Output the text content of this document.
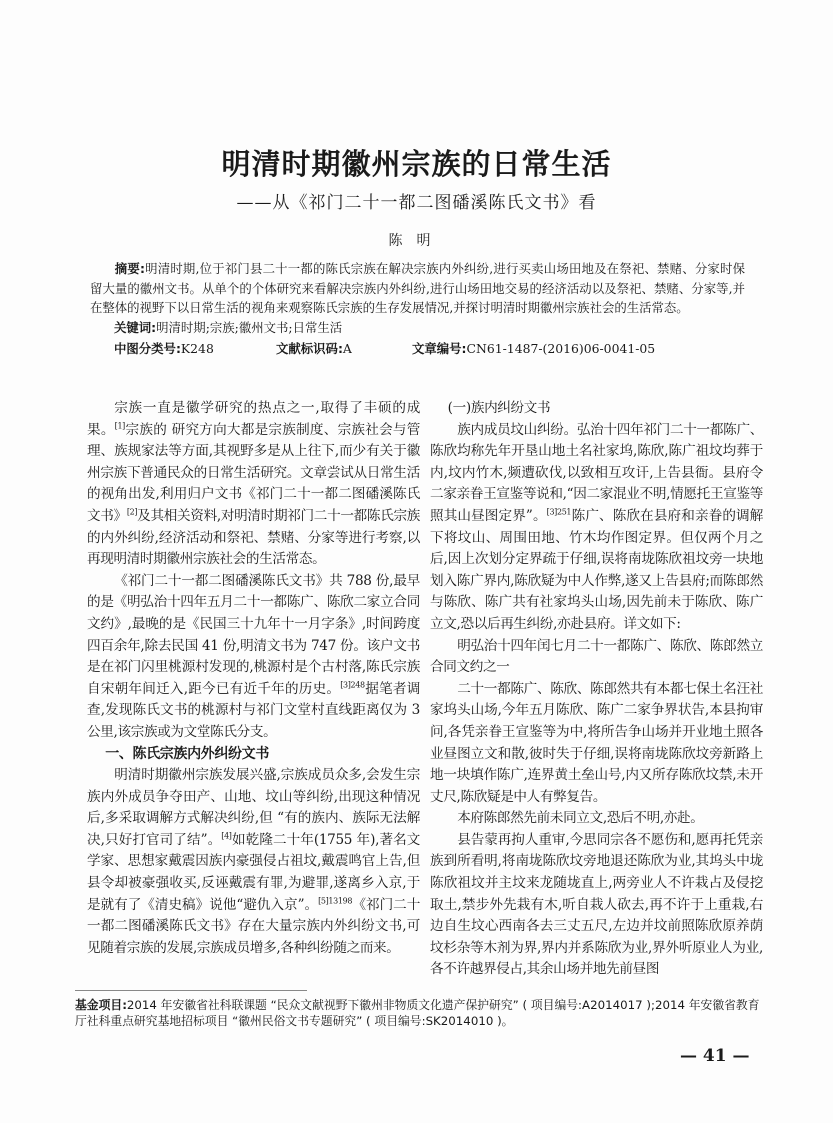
明清时期徽州宗族的日常生活
——从《祁门二十一都二图磻溪陈氏文书》看
陈明

摘要:明清时期,位于祁门县二十一都的陈氏宗族在解决宗族内外纠纷,进行买卖山场田地及在祭祀、禁赌、分家时保留大量的徽州文书。从单个的个体研究来看解决宗族内外纠纷,进行山场田地交易的经济活动以及祭祀、禁赌、分家等,并在整体的视野下以日常生活的视角来观察陈氏宗族的生存发展情况,并探讨明清时期徽州宗族社会的生活常态。

关键词:明清时期;宗族;徽州文书;日常生活
中图分类号:K248	文献标识码:A	文章编号:CN61-1487-(2016)06-0041-05

宗族一直是徽学研究的热点之一,取得了丰硕的成果。[1]宗族的 研究方向大都是宗族制度、宗族社会与管理、族规家法等方面,其视野多是从上往下,而少有关于徽州宗族下普通民众的日常生活研究。文章尝试从日常生活的视角出发,利用归户文书《祁门二十一都二图磻溪陈氏文书》[2]及其相关资料,对明清时期祁门二十一都陈氏宗族的内外纠纷,经济活动和祭祀、禁赌、分家等进行考察,以再现明清时期徽州宗族社会的生活常态。

《祁门二十一都二图磻溪陈氏文书》共 788 份,最早的是《明弘治十四年五月二十一都陈广、陈欣二家立合同文约》,最晚的是《民国三十九年十一月字条》,时间跨度四百余年,除去民国 41 份,明清文书为 747 份。该户文书是在祁门闪里桃源村发现的,桃源村是个古村落,陈氏宗族自宋朝年间迁入,距今已有近千年的历史。$^{[3]248}$据笔者调查,发现陈氏文书的桃源村与祁门文堂村直线距离仅为 3 公里,该宗族或为文堂陈氏分支。

一、陈氏宗族内外纠纷文书

明清时期徽州宗族发展兴盛,宗族成员众多,会发生宗族内外成员争夺田产、山地、坟山等纠纷,出现这种情况后,多采取调解方式解决纠纷,但 “有的族内、族际无法解决,只好打官司了结”。[4]如乾隆二十年(1755 年),著名文学家、思想家戴震因族内豪强侵占祖坟,戴震鸣官上告,但县令却被豪强收买,反诬戴震有罪,为避罪,遂离乡入京,于是就有了《清史稿》说他“避仇入京”。$^{[5]13198}$《祁门二十一都二图磻溪陈氏文书》存在大量宗族内外纠纷文书,可见随着宗族的发展,宗族成员增多,各种纠纷随之而来。

(一)族内纠纷文书

族内成员坟山纠纷。弘治十四年祁门二十一都陈广、陈欣均称先年开垦山地土名社家坞,陈欣,陈广祖坟均葬于内,坟内竹木,频遭砍伐,以致相互攻讦,上告县衙。县府令二家亲眷王宣鉴等说和,“因二家混业不明,情愿托王宣鉴等照其山昼图定界”。$^{[3]251}$陈广、陈欣在县府和亲眷的调解下将坟山、周围田地、竹木均作图定界。但仅两个月之后,因上次划分定界疏于仔细,误将南垅陈欣祖坟旁一块地划入陈广界内,陈欣疑为中人作弊,遂又上告县府;而陈郎然与陈欣、陈广共有社家坞头山场,因先前未于陈欣、陈广立文,恐以后再生纠纷,亦赴县府。详文如下:

明弘治十四年闰七月二十一都陈广、陈欣、陈郎然立合同文约之一

二十一都陈广、陈欣、陈郎然共有本都七保土名汪社家坞头山场,今年五月陈欣、陈广二家争界状告,本县拘审问,各凭亲眷王宣鉴等为中,将所告争山场并开业地土照各业昼图立文和散,彼时失于仔细,误将南垅陈欣坟旁新路上地一块填作陈广,连界黄土垒山号,内又所存陈欣坟禁,未开丈尺,陈欣疑是中人有弊复告。

本府陈郎然先前未同立文,恐后不明,亦赴。

县告蒙再拘人重审,今思同宗各不愿伤和,愿再托凭亲族到所看明,将南垅陈欣坟旁地退还陈欣为业,其坞头中垅陈欣祖坟并主坟来龙随垅直上,两旁业人不许栽占及侵挖取土,禁步外先栽有木,听自栽人砍去,再不许于上重栽,右边自生坟心西南各去三丈五尺,左边并坟前照陈欣原养荫坟杉杂等木剂为界,界内并系陈欣为业,界外听原业人为业,各不许越界侵占,其余山场并地先前昼图

基金项目:2014 年安徽省社科联课题 “民众文献视野下徽州非物质文化遗产保护研究” ( 项目编号:A2014017 );2014 年安徽省教育厅社科重点研究基地招标项目 “徽州民俗文书专题研究” ( 项目编号:SK2014010 )。
— 41 —
